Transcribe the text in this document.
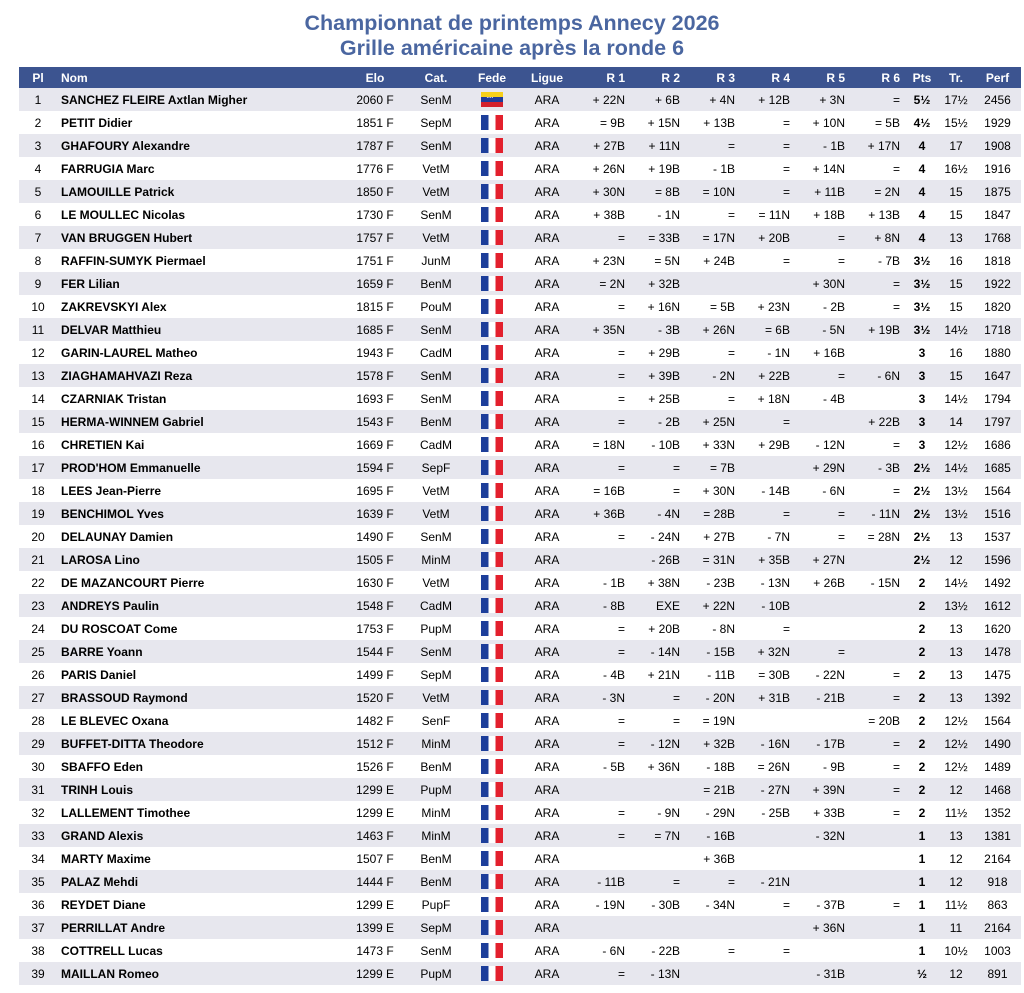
Championnat de printemps Annecy 2026
Grille américaine après la ronde 6
Pl	Nom	Elo	Cat.	Fede	Ligue	R 1	R 2	R 3	R 4	R 5	R 6	Pts	Tr.	Perf
1	SANCHEZ FLEIRE Axtlan Migher	2060 F	SenM	····	ARA	+ 22N	+ 6B	+ 4N	+ 12B	+ 3N	=	5½	17½	2456
2	PETIT Didier	1851 F	SepM		ARA	= 9B	+ 15N	+ 13B	=	+ 10N	= 5B	4½	15½	1929
3	GHAFOURY Alexandre	1787 F	SenM		ARA	+ 27B	+ 11N	=	=	- 1B	+ 17N	4	17	1908
4	FARRUGIA Marc	1776 F	VetM		ARA	+ 26N	+ 19B	- 1B	=	+ 14N	=	4	16½	1916
5	LAMOUILLE Patrick	1850 F	VetM		ARA	+ 30N	= 8B	= 10N	=	+ 11B	= 2N	4	15	1875
6	LE MOULLEC Nicolas	1730 F	SenM		ARA	+ 38B	- 1N	=	= 11N	+ 18B	+ 13B	4	15	1847
7	VAN BRUGGEN Hubert	1757 F	VetM		ARA	=	= 33B	= 17N	+ 20B	=	+ 8N	4	13	1768
8	RAFFIN-SUMYK Piermael	1751 F	JunM		ARA	+ 23N	= 5N	+ 24B	=	=	- 7B	3½	16	1818
9	FER Lilian	1659 F	BenM		ARA	= 2N	+ 32B			+ 30N	=	3½	15	1922
10	ZAKREVSKYI Alex	1815 F	PouM		ARA	=	+ 16N	= 5B	+ 23N	- 2B	=	3½	15	1820
11	DELVAR Matthieu	1685 F	SenM		ARA	+ 35N	- 3B	+ 26N	= 6B	- 5N	+ 19B	3½	14½	1718
12	GARIN-LAUREL Matheo	1943 F	CadM		ARA	=	+ 29B	=	- 1N	+ 16B		3	16	1880
13	ZIAGHAMAHVAZI Reza	1578 F	SenM		ARA	=	+ 39B	- 2N	+ 22B	=	- 6N	3	15	1647
14	CZARNIAK Tristan	1693 F	SenM		ARA	=	+ 25B	=	+ 18N	- 4B		3	14½	1794
15	HERMA-WINNEM Gabriel	1543 F	BenM		ARA	=	- 2B	+ 25N	=		+ 22B	3	14	1797
16	CHRETIEN Kai	1669 F	CadM		ARA	= 18N	- 10B	+ 33N	+ 29B	- 12N	=	3	12½	1686
17	PROD'HOM Emmanuelle	1594 F	SepF		ARA	=	=	= 7B		+ 29N	- 3B	2½	14½	1685
18	LEES Jean-Pierre	1695 F	VetM		ARA	= 16B	=	+ 30N	- 14B	- 6N	=	2½	13½	1564
19	BENCHIMOL Yves	1639 F	VetM		ARA	+ 36B	- 4N	= 28B	=	=	- 11N	2½	13½	1516
20	DELAUNAY Damien	1490 F	SenM		ARA	=	- 24N	+ 27B	- 7N	=	= 28N	2½	13	1537
21	LAROSA Lino	1505 F	MinM		ARA		- 26B	= 31N	+ 35B	+ 27N		2½	12	1596
22	DE MAZANCOURT Pierre	1630 F	VetM		ARA	- 1B	+ 38N	- 23B	- 13N	+ 26B	- 15N	2	14½	1492
23	ANDREYS Paulin	1548 F	CadM		ARA	- 8B	EXE	+ 22N	- 10B			2	13½	1612
24	DU ROSCOAT Come	1753 F	PupM		ARA	=	+ 20B	- 8N	=			2	13	1620
25	BARRE Yoann	1544 F	SenM		ARA	=	- 14N	- 15B	+ 32N	=		2	13	1478
26	PARIS Daniel	1499 F	SepM		ARA	- 4B	+ 21N	- 11B	= 30B	- 22N	=	2	13	1475
27	BRASSOUD Raymond	1520 F	VetM		ARA	- 3N	=	- 20N	+ 31B	- 21B	=	2	13	1392
28	LE BLEVEC Oxana	1482 F	SenF		ARA	=	=	= 19N			= 20B	2	12½	1564
29	BUFFET-DITTA Theodore	1512 F	MinM		ARA	=	- 12N	+ 32B	- 16N	- 17B	=	2	12½	1490
30	SBAFFO Eden	1526 F	BenM		ARA	- 5B	+ 36N	- 18B	= 26N	- 9B	=	2	12½	1489
31	TRINH Louis	1299 E	PupM		ARA			= 21B	- 27N	+ 39N	=	2	12	1468
32	LALLEMENT Timothee	1299 E	MinM		ARA	=	- 9N	- 29N	- 25B	+ 33B	=	2	11½	1352
33	GRAND Alexis	1463 F	MinM		ARA	=	= 7N	- 16B		- 32N		1	13	1381
34	MARTY Maxime	1507 F	BenM		ARA			+ 36B				1	12	2164
35	PALAZ Mehdi	1444 F	BenM		ARA	- 11B	=	=	- 21N			1	12	918
36	REYDET Diane	1299 E	PupF		ARA	- 19N	- 30B	- 34N	=	- 37B	=	1	11½	863
37	PERRILLAT Andre	1399 E	SepM		ARA					+ 36N		1	11	2164
38	COTTRELL Lucas	1473 F	SenM		ARA	- 6N	- 22B	=	=			1	10½	1003
39	MAILLAN Romeo	1299 E	PupM		ARA	=	- 13N			- 31B		½	12	891
